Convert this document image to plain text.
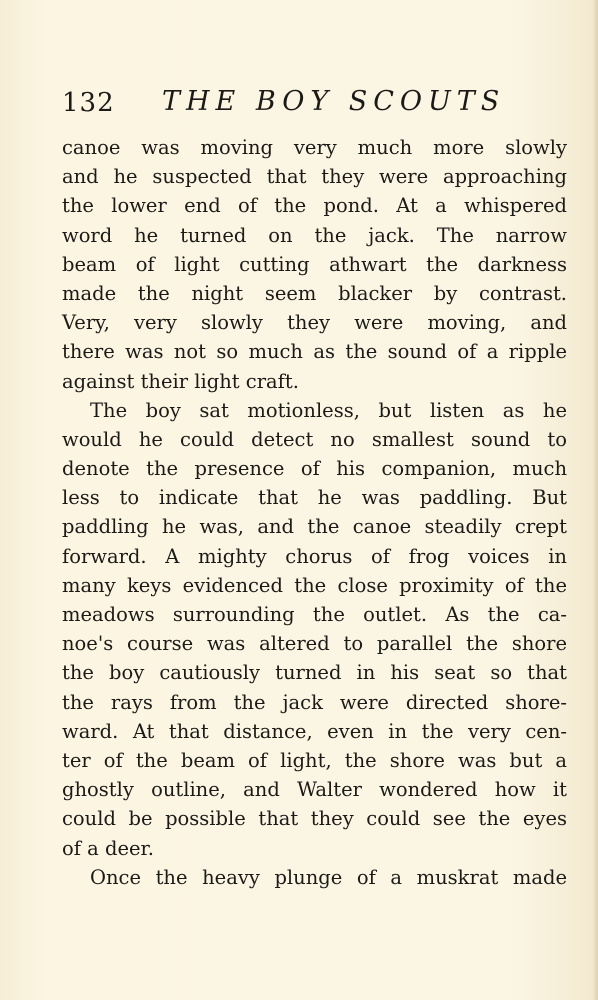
132 THE BOY SCOUTS
canoe was moving very much more slowly
and he suspected that they were approaching
the lower end of the pond. At a whispered
word he turned on the jack. The narrow
beam of light cutting athwart the darkness
made the night seem blacker by contrast.
Very, very slowly they were moving, and
there was not so much as the sound of a ripple
against their light craft.
The boy sat motionless, but listen as he
would he could detect no smallest sound to
denote the presence of his companion, much
less to indicate that he was paddling. But
paddling he was, and the canoe steadily crept
forward. A mighty chorus of frog voices in
many keys evidenced the close proximity of the
meadows surrounding the outlet. As the ca-
noe's course was altered to parallel the shore
the boy cautiously turned in his seat so that
the rays from the jack were directed shore-
ward. At that distance, even in the very cen-
ter of the beam of light, the shore was but a
ghostly outline, and Walter wondered how it
could be possible that they could see the eyes
of a deer.
Once the heavy plunge of a muskrat made
